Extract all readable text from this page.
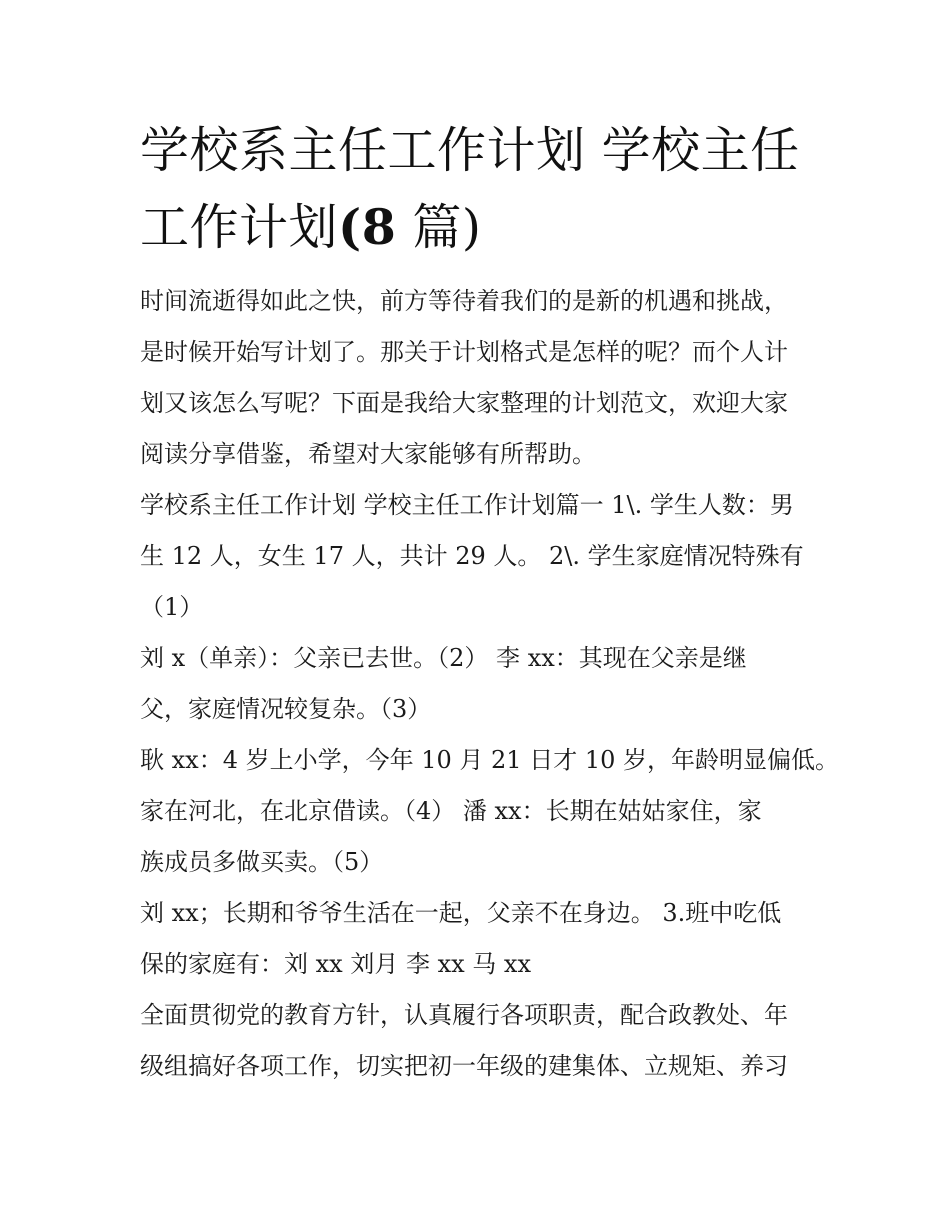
学校系主任工作计划 学校主任
工作计划(8 篇)
时间流逝得如此之快，前方等待着我们的是新的机遇和挑战，
是时候开始写计划了。那关于计划格式是怎样的呢？而个人计
划又该怎么写呢？下面是我给大家整理的计划范文，欢迎大家
阅读分享借鉴，希望对大家能够有所帮助。
学校系主任工作计划 学校主任工作计划篇一 1\. 学生人数：男
生 12 人，女生 17 人，共计 29 人。 2\. 学生家庭情况特殊有
（1）
刘 x（单亲）：父亲已去世。（2） 李 xx：其现在父亲是继
父，家庭情况较复杂。（3）
耿 xx：4 岁上小学，今年 10 月 21 日才 10 岁，年龄明显偏低。
家在河北，在北京借读。（4） 潘 xx：长期在姑姑家住，家
族成员多做买卖。（5）
刘 xx；长期和爷爷生活在一起，父亲不在身边。 3.班中吃低
保的家庭有：刘 xx 刘月 李 xx 马 xx
全面贯彻党的教育方针，认真履行各项职责，配合政教处、年
级组搞好各项工作，切实把初一年级的建集体、立规矩、养习
